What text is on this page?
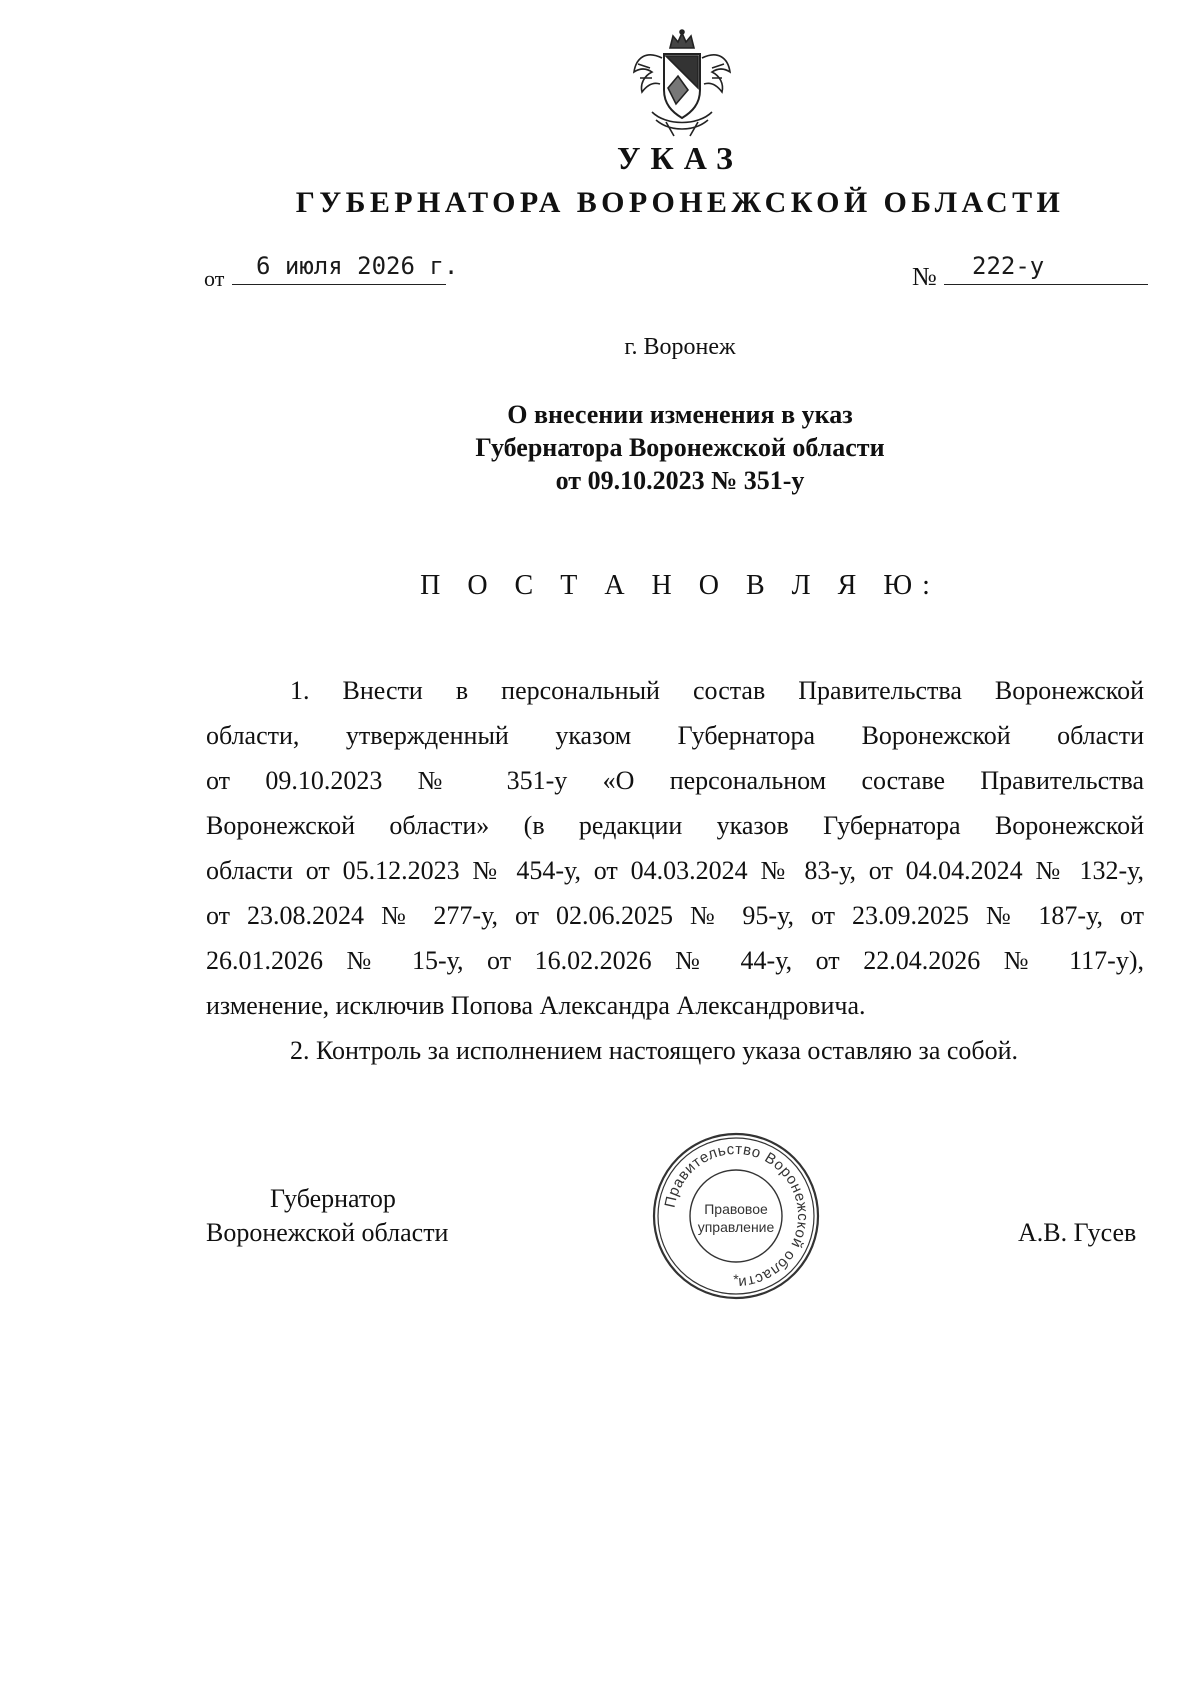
УКАЗ
ГУБЕРНАТОРА ВОРОНЕЖСКОЙ ОБЛАСТИ
от 6 июля 2026 г.	№ 222-у
г. Воронеж
О внесении изменения в указ
Губернатора Воронежской области
от 09.10.2023 № 351-у
П О С Т А Н О В Л Я Ю:
1. Внести в персональный состав Правительства Воронежской
области, утвержденный указом Губернатора Воронежской области
от 09.10.2023 № 351-у «О персональном составе Правительства
Воронежской области» (в редакции указов Губернатора Воронежской
области от 05.12.2023 № 454-у, от 04.03.2024 № 83-у, от 04.04.2024 № 132-у,
от 23.08.2024 № 277-у, от 02.06.2025 № 95-у, от 23.09.2025 № 187-у, от
26.01.2026 № 15-у, от 16.02.2026 № 44-у, от 22.04.2026 № 117-у),
изменение, исключив Попова Александра Александровича.
2. Контроль за исполнением настоящего указа оставляю за собой.
Губернатор
Воронежской области	А.В. Гусев
Правительство Воронежской области
Правовое
управление
*
